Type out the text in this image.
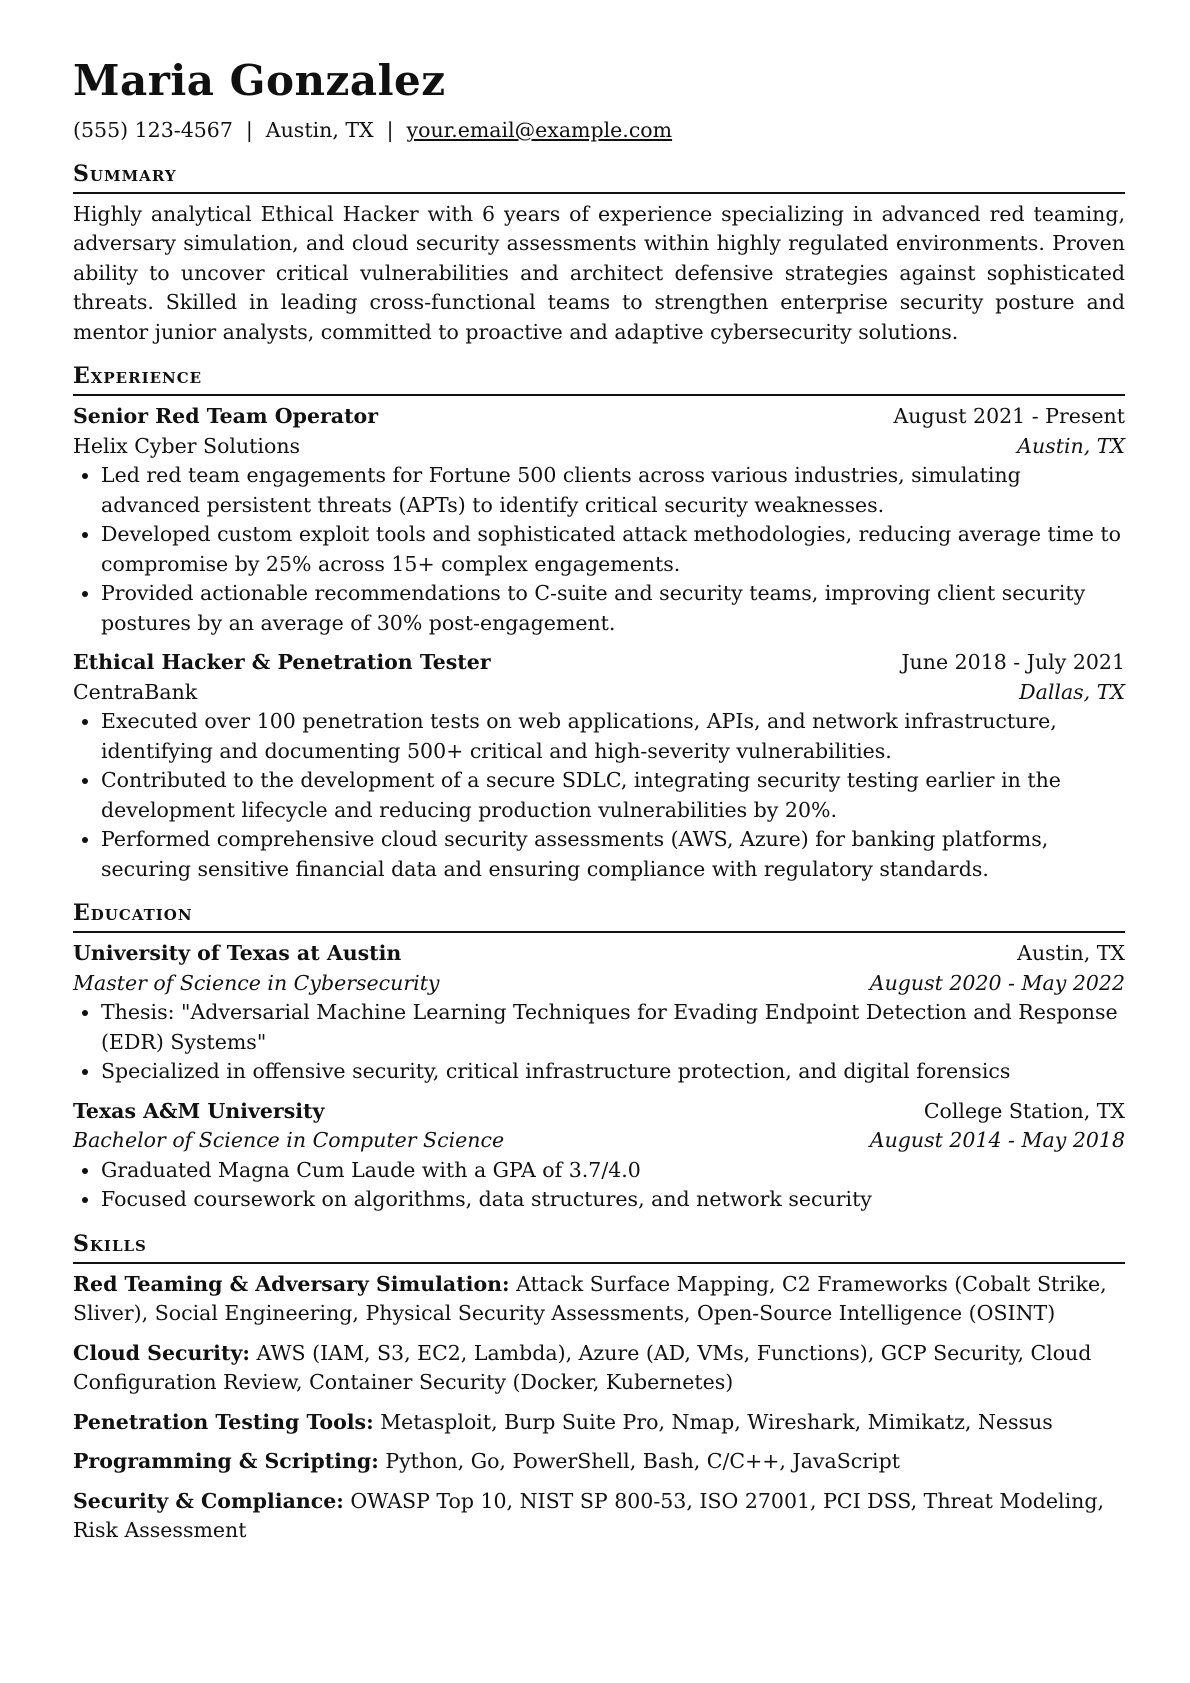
Maria Gonzalez
(555) 123-4567 | Austin, TX | your.email@example.com
Summary

Highly analytical Ethical Hacker with 6 years of experience specializing in advanced red teaming, adversary simulation, and cloud security assessments within highly regulated environments. Proven ability to uncover critical vulnerabilities and architect defensive strategies against sophisticated threats. Skilled in leading cross-functional teams to strengthen enterprise security posture and mentor junior analysts, committed to proactive and adaptive cybersecurity solutions.

Experience
Senior Red Team Operator	August 2021 - Present
Helix Cyber Solutions	Austin, TX
• Led red team engagements for Fortune 500 clients across various industries, simulating advanced persistent threats (APTs) to identify critical security weaknesses.
• Developed custom exploit tools and sophisticated attack methodologies, reducing average time to compromise by 25% across 15+ complex engagements.
• Provided actionable recommendations to C-suite and security teams, improving client security postures by an average of 30% post-engagement.
Ethical Hacker & Penetration Tester	June 2018 - July 2021
CentraBank	Dallas, TX
• Executed over 100 penetration tests on web applications, APIs, and network infrastructure, identifying and documenting 500+ critical and high-severity vulnerabilities.
• Contributed to the development of a secure SDLC, integrating security testing earlier in the development lifecycle and reducing production vulnerabilities by 20%.
• Performed comprehensive cloud security assessments (AWS, Azure) for banking platforms, securing sensitive financial data and ensuring compliance with regulatory standards.
Education
University of Texas at Austin	Austin, TX
Master of Science in Cybersecurity	August 2020 - May 2022
• Thesis: "Adversarial Machine Learning Techniques for Evading Endpoint Detection and Response (EDR) Systems"
• Specialized in offensive security, critical infrastructure protection, and digital forensics
Texas A&M University	College Station, TX
Bachelor of Science in Computer Science	August 2014 - May 2018
• Graduated Magna Cum Laude with a GPA of 3.7/4.0
• Focused coursework on algorithms, data structures, and network security
Skills

Red Teaming & Adversary Simulation: Attack Surface Mapping, C2 Frameworks (Cobalt Strike, Sliver), Social Engineering, Physical Security Assessments, Open-Source Intelligence (OSINT)

Cloud Security: AWS (IAM, S3, EC2, Lambda), Azure (AD, VMs, Functions), GCP Security, Cloud Configuration Review, Container Security (Docker, Kubernetes)

Penetration Testing Tools: Metasploit, Burp Suite Pro, Nmap, Wireshark, Mimikatz, Nessus

Programming & Scripting: Python, Go, PowerShell, Bash, C/C++, JavaScript

Security & Compliance: OWASP Top 10, NIST SP 800-53, ISO 27001, PCI DSS, Threat Modeling, Risk Assessment
